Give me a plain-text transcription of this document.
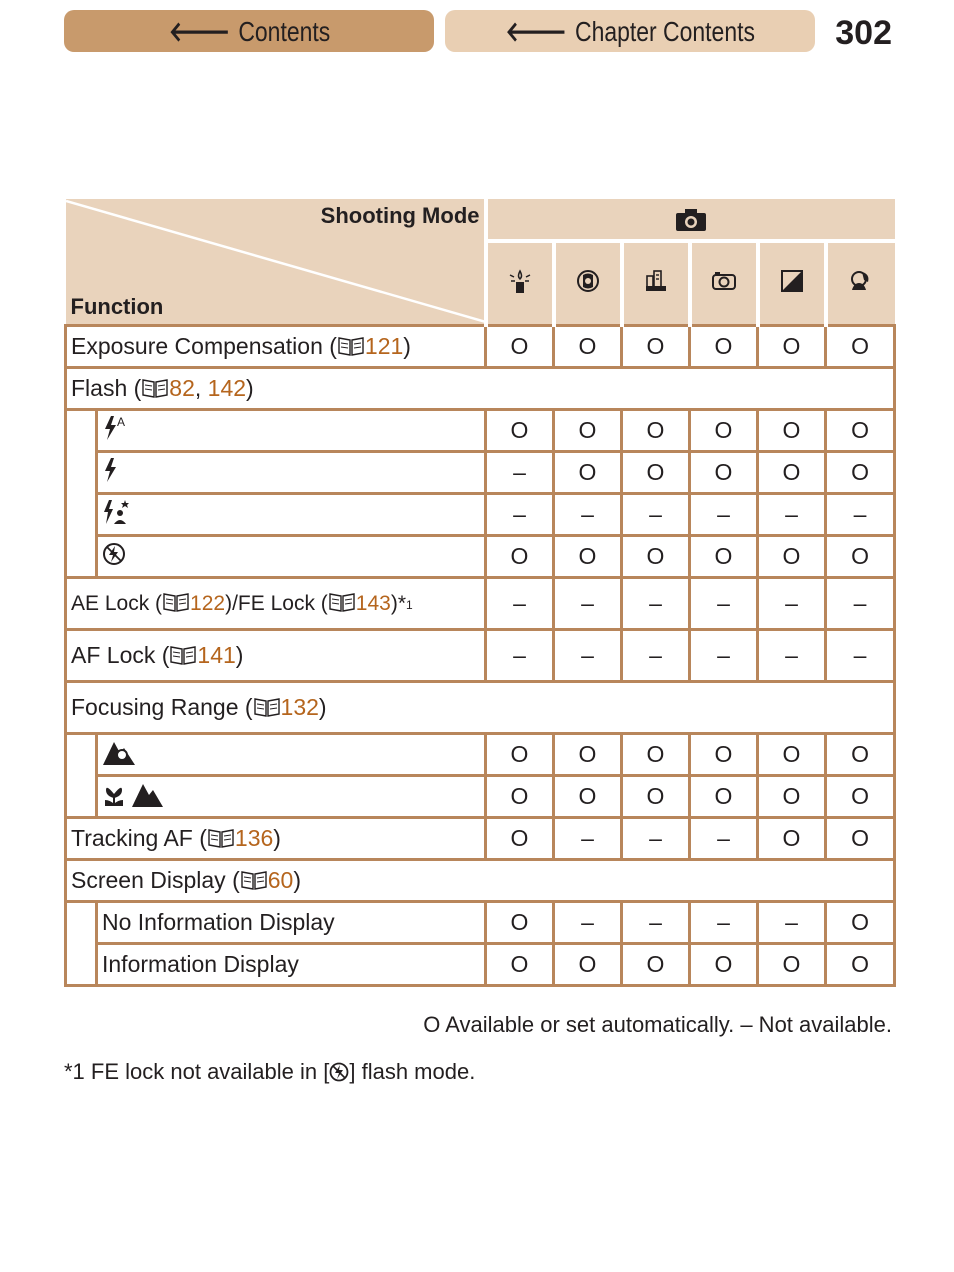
🡐 Contents	🡐 Chapter Contents 302
Shooting Mode
Function

Exposure Compensation ( 121)		O	O	O	O	O	O
Flash ( 82, 142)							

A	O	O	O	O	O	O
		–	O	O	O	O	O
		–	–	–	–	–	–
		O	O	O	O	O	O
AE Lock ( 122)/FE Lock ( 143)*1		–	–	–	–	–	–
AF Lock ( 141)		–	–	–	–	–	–
Focusing Range ( 132)							
		O	O	O	O	O	O
		O	O	O	O	O	O
Tracking AF ( 136)		O	–	–	–	O	O
Screen Display ( 60)							
	No Information Display	O	–	–	–	–	O
	Information Display	O	O	O	O	O	O
O Available or set automatically. – Not available.
*1 FE lock not available in [ ] flash mode.
